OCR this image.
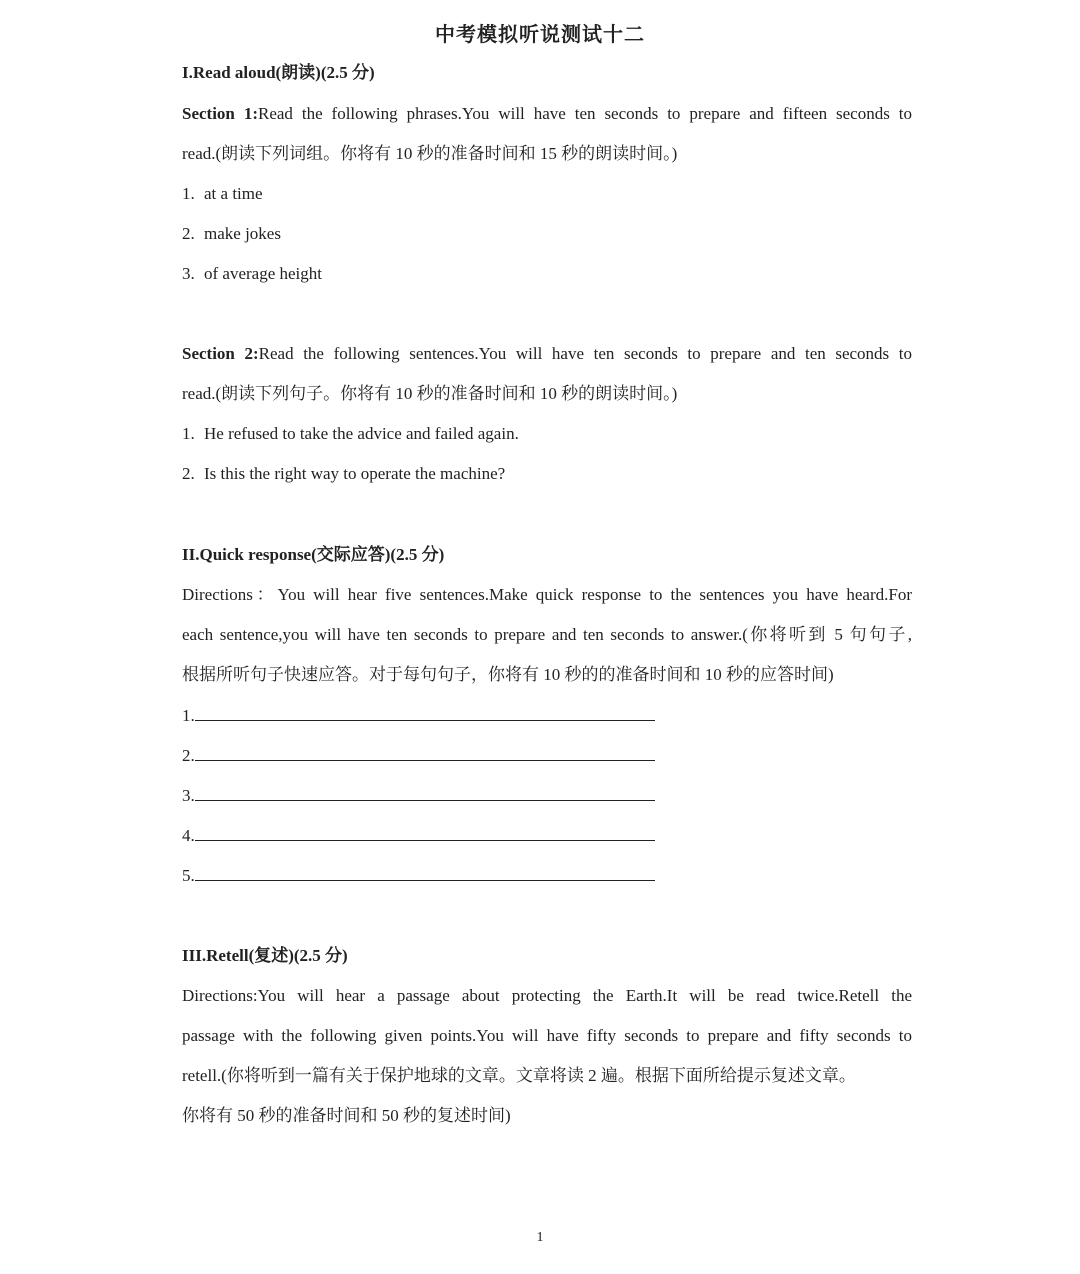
中考模拟听说测试十二
I.Read aloud(朗读)(2.5 分)
Section 1:Read the following phrases.You will have ten seconds to prepare and fifteen seconds to
read.(朗读下列词组。你将有 10 秒的准备时间和 15 秒的朗读时间。)
1. at a time
2. make jokes
3. of average height
Section 2:Read the following sentences.You will have ten seconds to prepare and ten seconds to
read.(朗读下列句子。你将有 10 秒的准备时间和 10 秒的朗读时间。)
1. He refused to take the advice and failed again.
2. Is this the right way to operate the machine?
II.Quick response(交际应答)(2.5 分)
Directions：You will hear five sentences.Make quick response to the sentences you have heard.For
each sentence,you will have ten seconds to prepare and ten seconds to answer.(你将听到 5 句句子,
根据所听句子快速应答。对于每句句子，你将有 10 秒的的准备时间和 10 秒的应答时间)
1.
2.
3.
4.
5.
III.Retell(复述)(2.5 分)
Directions:You will hear a passage about protecting the Earth.It will be read twice.Retell the
passage with the following given points.You will have fifty seconds to prepare and fifty seconds to
retell.(你将听到一篇有关于保护地球的文章。文章将读 2 遍。根据下面所给提示复述文章。
你将有 50 秒的准备时间和 50 秒的复述时间)
1
